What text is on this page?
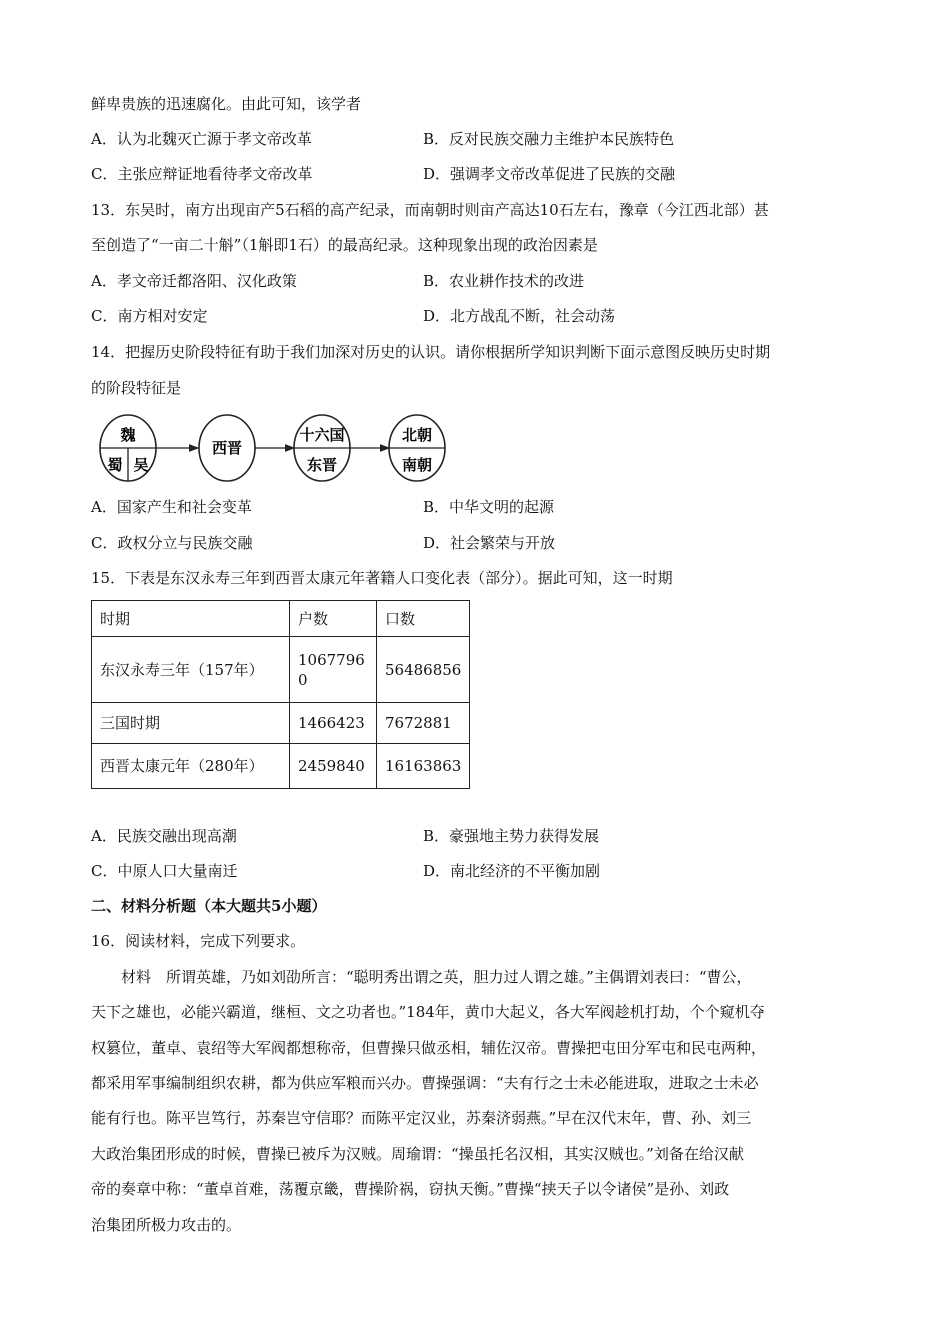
鲜卑贵族的迅速腐化。由此可知，该学者
A．认为北魏灭亡源于孝文帝改革	B．反对民族交融力主维护本民族特色
C．主张应辩证地看待孝文帝改革	D．强调孝文帝改革促进了民族的交融
13．东吴时，南方出现亩产5石稻的高产纪录，而南朝时则亩产高达10石左右，豫章（今江西北部）甚
至创造了“一亩二十斛”（1斛即1石）的最高纪录。这种现象出现的政治因素是
A．孝文帝迁都洛阳、汉化政策	B．农业耕作技术的改进
C．南方相对安定	D．北方战乱不断，社会动荡
14．把握历史阶段特征有助于我们加深对历史的认识。请你根据所学知识判断下面示意图反映历史时期
的阶段特征是
魏
蜀 吴
西晋
十六国
东晋
北朝
南朝
A．国家产生和社会变革	B．中华文明的起源
C．政权分立与民族交融	D．社会繁荣与开放
15．下表是东汉永寿三年到西晋太康元年著籍人口变化表（部分）。据此可知，这一时期
时期	户数	口数
东汉永寿三年（157年）	1067796 0	56486856
三国时期	1466423	7672881
西晋太康元年（280年）	2459840	16163863
A．民族交融出现高潮	B．豪强地主势力获得发展
C．中原人口大量南迁	D．南北经济的不平衡加剧
二、材料分析题（本大题共5小题）
16．阅读材料，完成下列要求。
材料　所谓英雄，乃如刘劭所言：“聪明秀出谓之英，胆力过人谓之雄。”主偶谓刘表曰：“曹公，
天下之雄也，必能兴霸道，继桓、文之功者也。”184年，黄巾大起义，各大军阀趁机打劫，个个窥机夺
权篡位，董卓、袁绍等大军阀都想称帝，但曹操只做丞相，辅佐汉帝。曹操把屯田分军屯和民屯两种，
都采用军事编制组织农耕，都为供应军粮而兴办。曹操强调：“夫有行之士未必能进取，进取之士未必
能有行也。陈平岂笃行，苏秦岂守信耶？而陈平定汉业，苏秦济弱燕。”早在汉代末年，曹、孙、刘三
大政治集团形成的时候，曹操已被斥为汉贼。周瑜谓：“操虽托名汉相，其实汉贼也。”刘备在给汉献
帝的奏章中称：“董卓首难，荡覆京畿，曹操阶祸，窃执天衡。”曹操“挟天子以令诸侯”是孙、刘政
治集团所极力攻击的。
